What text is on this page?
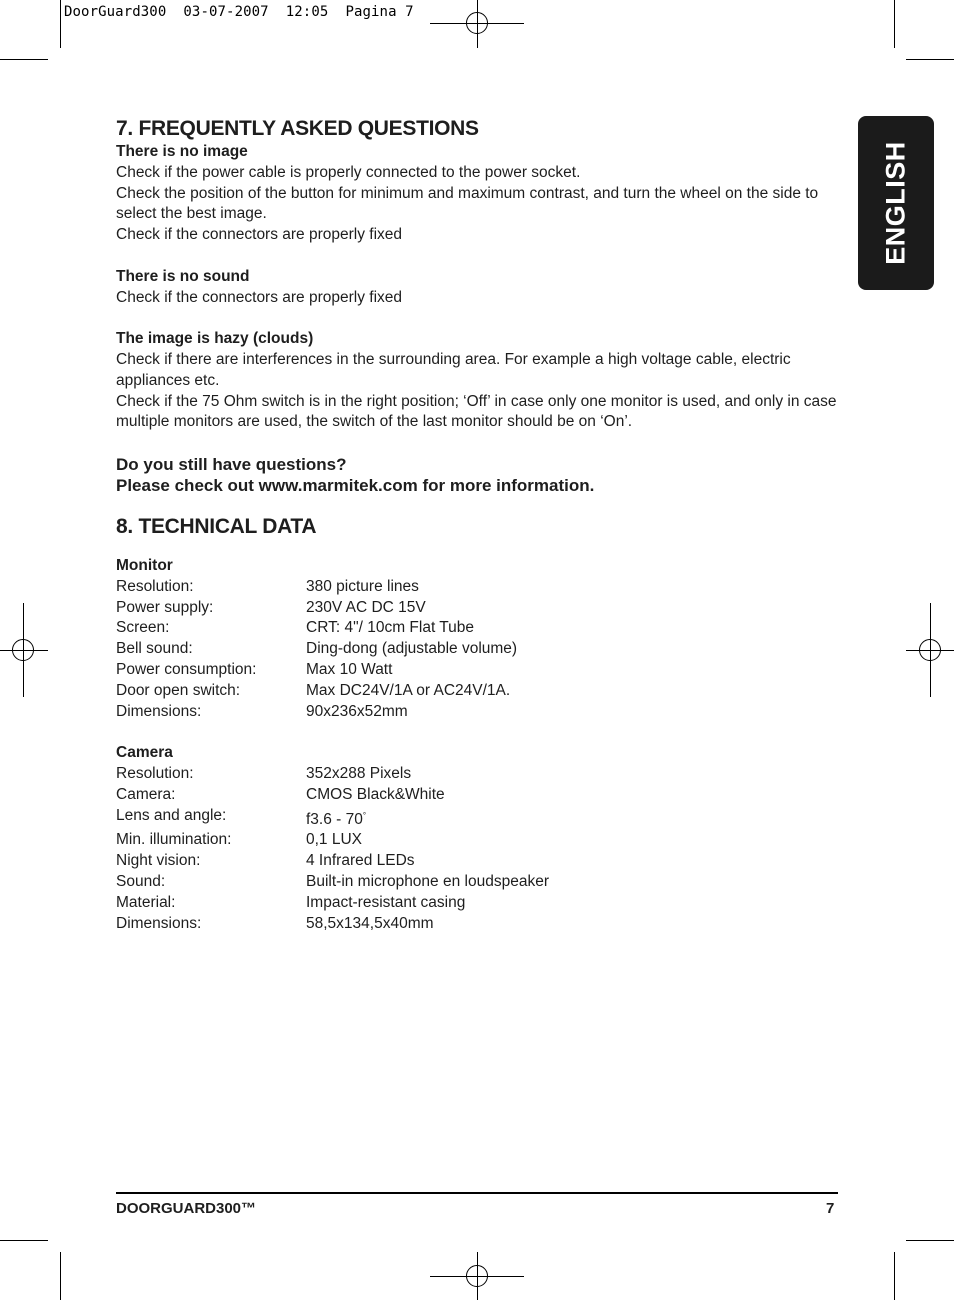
DoorGuard300  03-07-2007  12:05  Pagina 7
ENGLISH
7. FREQUENTLY ASKED QUESTIONS
There is no image
Check if the power cable is properly connected to the power socket.
Check the position of the button for minimum and maximum contrast, and turn the wheel on the side to select the best image.
Check if the connectors are properly fixed
There is no sound
Check if the connectors are properly fixed
The image is hazy (clouds)
Check if there are interferences in the surrounding area. For example a high voltage cable, electric appliances etc.
Check if the 75 Ohm switch is in the right position; ‘Off’ in case only one monitor is used, and only in case multiple monitors are used, the switch of the last monitor should be on ‘On’.
Do you still have questions?
Please check out www.marmitek.com for more information.
8. TECHNICAL DATA
Monitor
Resolution:	380 picture lines
Power supply:	230V AC DC 15V
Screen:	CRT: 4"/ 10cm Flat Tube
Bell sound:	Ding-dong (adjustable volume)
Power consumption:	Max 10 Watt
Door open switch:	Max DC24V/1A or AC24V/1A.
Dimensions:	90x236x52mm
Camera
Resolution:	352x288 Pixels
Camera:	CMOS Black&White
Lens and angle:	f3.6 - 70°
Min. illumination:	0,1 LUX
Night vision:	4 Infrared LEDs
Sound:	Built-in microphone en loudspeaker
Material:	Impact-resistant casing
Dimensions:	58,5x134,5x40mm
DOORGUARD300™	7
